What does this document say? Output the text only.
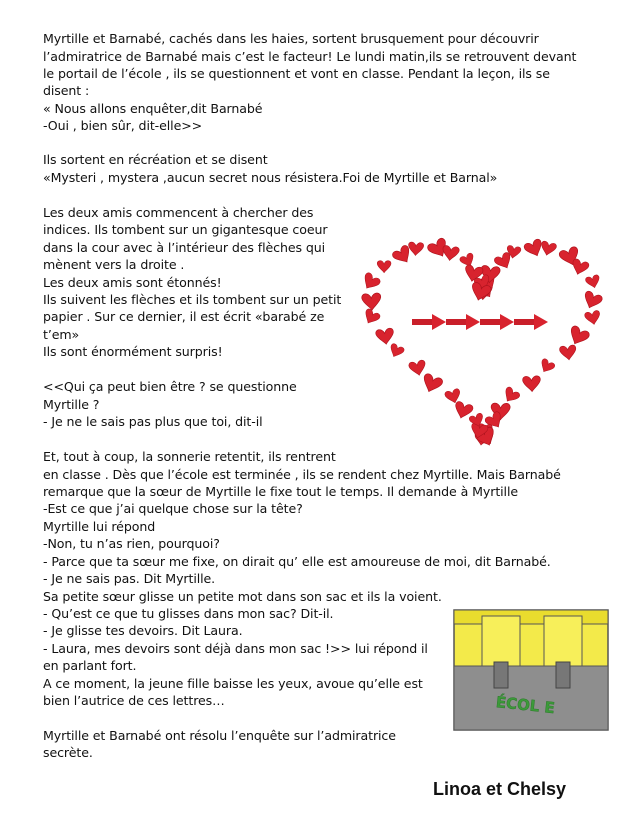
Myrtille et Barnabé, cachés dans les haies, sortent brusquement pour découvrir
l’admiratrice de Barnabé mais c’est le facteur! Le lundi matin,ils se retrouvent devant
le portail de l’école , ils se questionnent et vont en classe. Pendant la leçon, ils se
disent :
« Nous allons enquêter,dit Barnabé
-Oui , bien sûr, dit-elle>>
Ils sortent en récréation et se disent
«Mysteri , mystera ,aucun secret nous résistera.Foi de Myrtille et Barnal»
Les deux amis commencent à chercher des
indices. Ils tombent sur un gigantesque coeur
dans la cour avec à l’intérieur des flèches qui
mènent vers la droite .
Les deux amis sont étonnés!
Ils suivent les flèches et ils tombent sur un petit
papier . Sur ce dernier, il est écrit «barabé ze
t’em»
Ils sont énormément surpris!
<<Qui ça peut bien être ? se questionne
Myrtille ?
- Je ne le sais pas plus que toi, dit-il
Et, tout à coup, la sonnerie retentit, ils rentrent
en classe . Dès que l’école est terminée , ils se rendent chez Myrtille. Mais Barnabé
remarque que la sœur de Myrtille le fixe tout le temps. Il demande à Myrtille
-Est ce que j’ai quelque chose sur la tête?
Myrtille lui répond
-Non, tu n’as rien, pourquoi?
- Parce que ta sœur me fixe, on dirait qu’ elle est amoureuse de moi, dit Barnabé.
- Je ne sais pas. Dit Myrtille.
Sa petite sœur glisse un petite mot dans son sac et ils la voient.
- Qu’est ce que tu glisses dans mon sac? Dit-il.
- Je glisse tes devoirs. Dit Laura.
- Laura, mes devoirs sont déjà dans mon sac !>> lui répond il
en parlant fort.
A ce moment, la jeune fille baisse les yeux, avoue qu’elle est
bien l’autrice de ces lettres…
Myrtille et Barnabé ont résolu l’enquête sur l’admiratrice
secrète.
ÉCOL E
Linoa et Chelsy
